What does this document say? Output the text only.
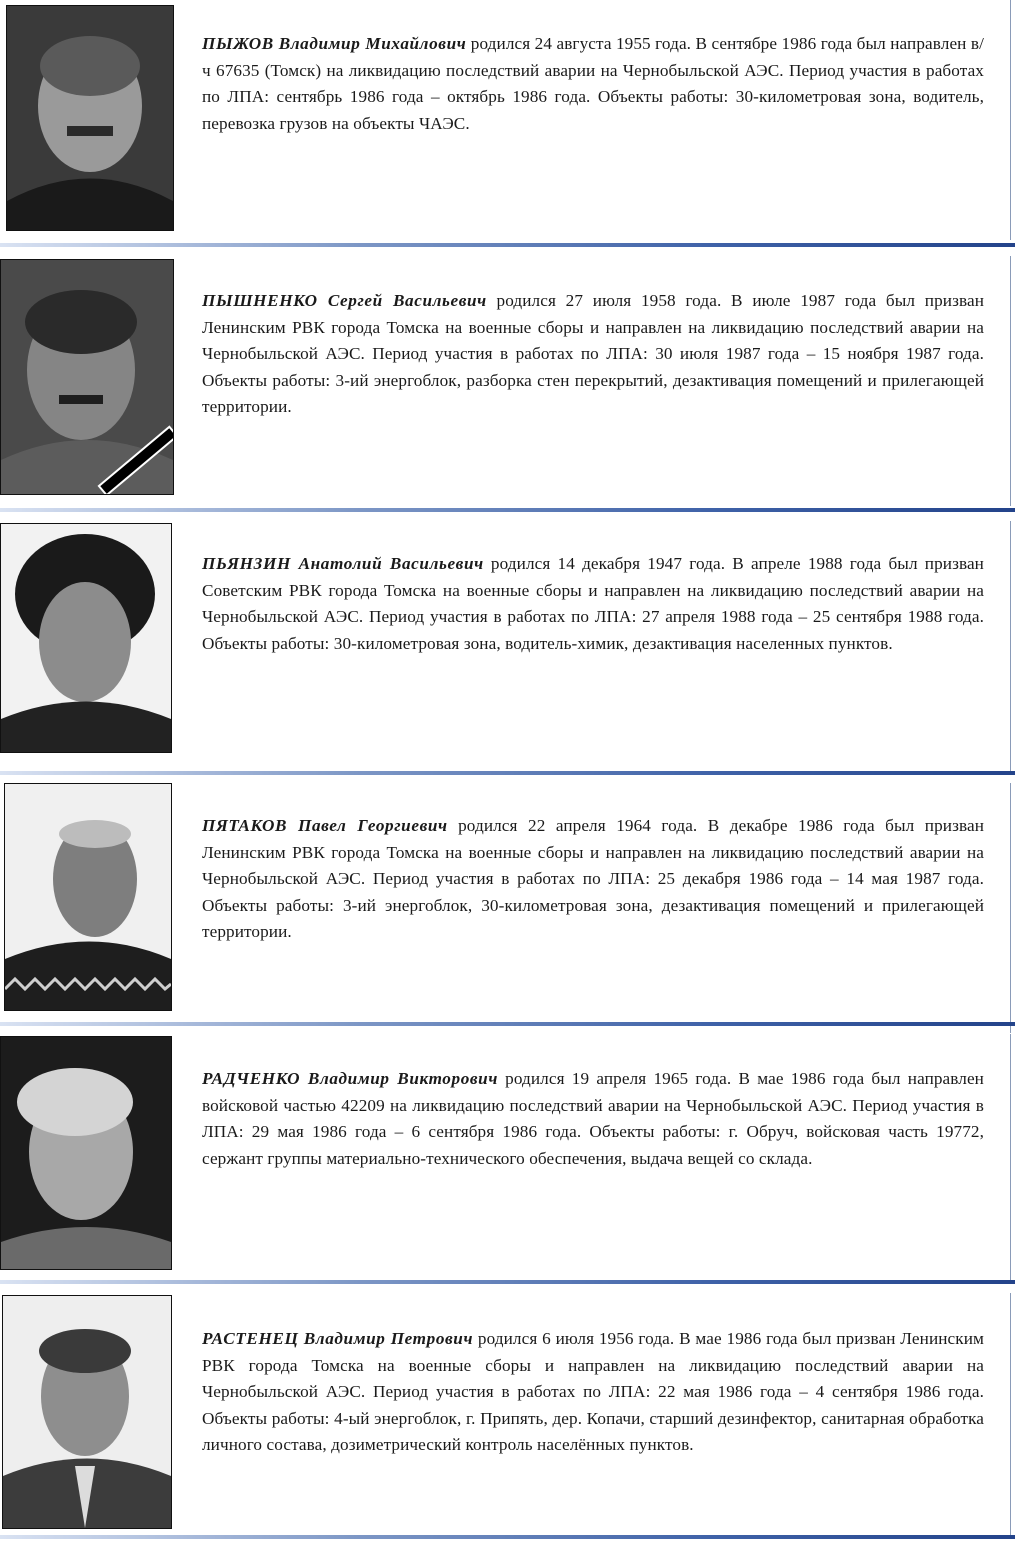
ПЫЖОВ Владимир Михайлович родился 24 августа 1955 года. В сентябре 1986 года был направлен в/ч 67635 (Томск) на ликвидацию последствий аварии на Чернобыльской АЭС. Период участия в работах по ЛПА: сентябрь 1986 года – октябрь 1986 года. Объекты работы: 30-километровая зона, водитель, перевозка грузов на объекты ЧАЭС.

ПЫШНЕНКО Сергей Васильевич родился 27 июля 1958 года. В июле 1987 года был призван Ленинским РВК города Томска на военные сборы и направлен на ликвидацию последствий аварии на Чернобыльской АЭС. Период участия в работах по ЛПА: 30 июля 1987 года – 15 ноября 1987 года. Объекты работы: 3-ий энергоблок, разборка стен перекрытий, дезактивация помещений и прилегающей территории.

ПЬЯНЗИН Анатолий Васильевич родился 14 декабря 1947 года. В апреле 1988 года был призван Советским РВК города Томска на военные сборы и направлен на ликвидацию последствий аварии на Чернобыльской АЭС. Период участия в работах по ЛПА: 27 апреля 1988 года – 25 сентября 1988 года. Объекты работы: 30-километровая зона, водитель-химик, дезактивация населенных пунктов.

ПЯТАКОВ Павел Георгиевич родился 22 апреля 1964 года. В декабре 1986 года был призван Ленинским РВК города Томска на военные сборы и направлен на ликвидацию последствий аварии на Чернобыльской АЭС. Период участия в работах по ЛПА: 25 декабря 1986 года – 14 мая 1987 года. Объекты работы: 3-ий энергоблок, 30-километровая зона, дезактивация помещений и прилегающей территории.

РАДЧЕНКО Владимир Викторович родился 19 апреля 1965 года. В мае 1986 года был направлен войсковой частью 42209 на ликвидацию последствий аварии на Чернобыльской АЭС. Период участия в ЛПА: 29 мая 1986 года – 6 сентября 1986 года. Объекты работы: г. Обруч, войсковая часть 19772, сержант группы материально-технического обеспечения, выдача вещей со склада.

РАСТЕНЕЦ Владимир Петрович родился 6 июля 1956 года. В мае 1986 года был призван Ленинским РВК города Томска на военные сборы и направлен на ликвидацию последствий аварии на Чернобыльской АЭС. Период участия в работах по ЛПА: 22 мая 1986 года – 4 сентября 1986 года. Объекты работы: 4-ый энергоблок, г. Припять, дер. Копачи, старший дезинфектор, санитарная обработка личного состава, дозиметрический контроль населённых пунктов.
